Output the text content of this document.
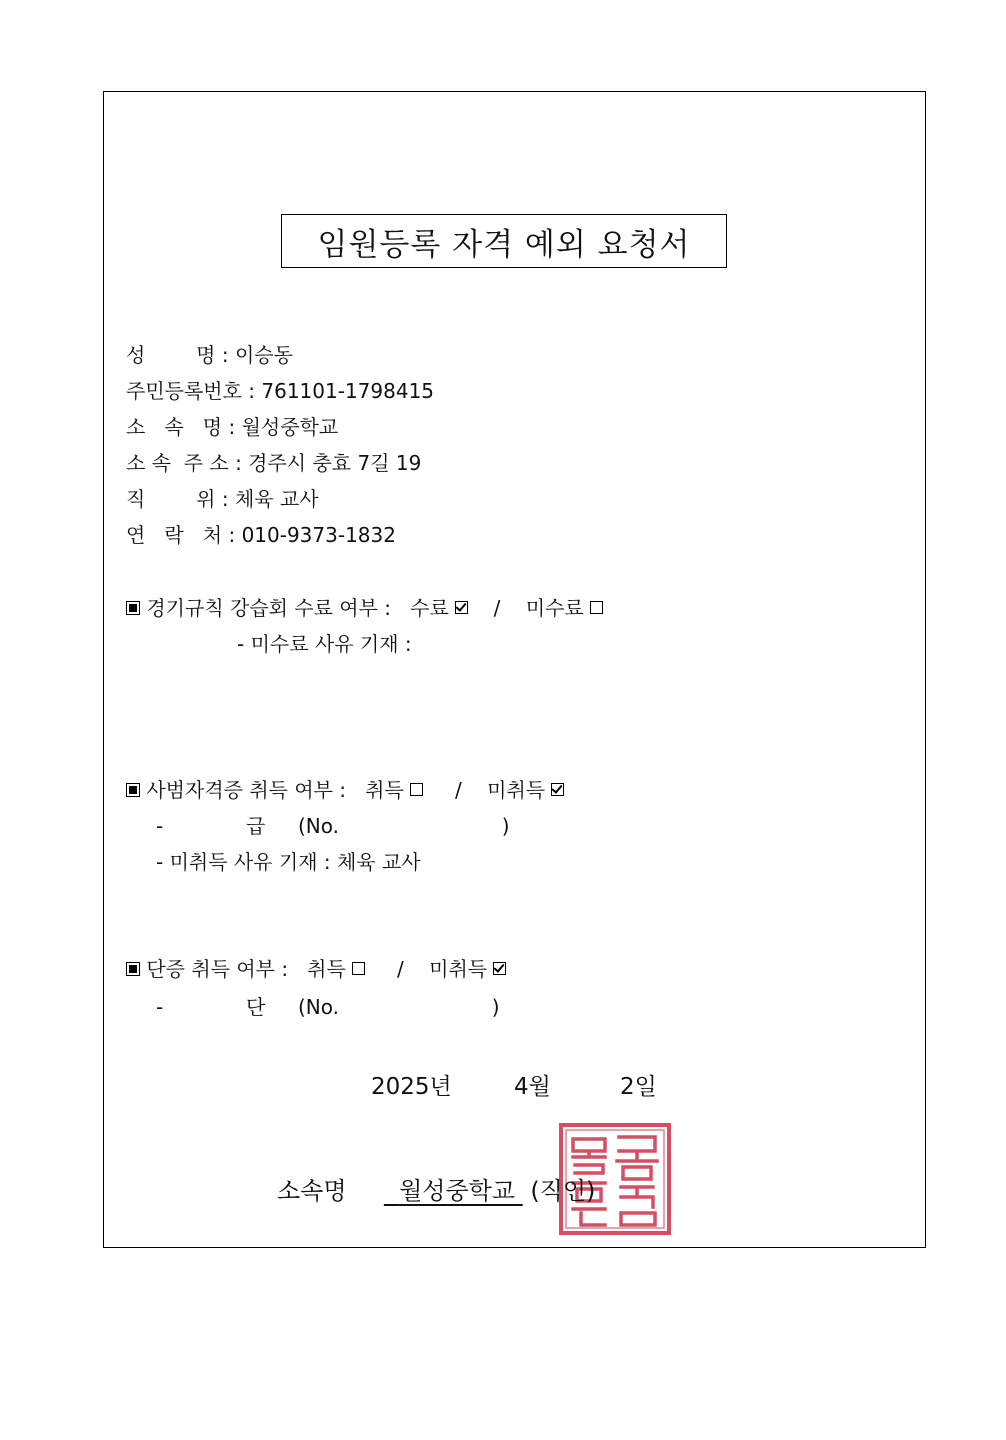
임원등록 자격 예외 요청서
성        명 : 이승동
주민등록번호 : 761101-1798415
소   속   명 : 월성중학교
소 속  주 소 : 경주시 충효 7길 19
직        위 : 체육 교사
연   락   처 : 010-9373-1832
경기규칙 강습회 수료 여부 : 수료 / 미수료
- 미수료 사유 기재 :
사범자격증 취득 여부 : 취득	/ 미취득
-	급 (No.	)
- 미취득 사유 기재 : 체육 교사
단증 취득 여부 : 취득	/ 미취득
-	단 (No.	)
2025년	4월	2일
소속명 월성중학교 (직인)
